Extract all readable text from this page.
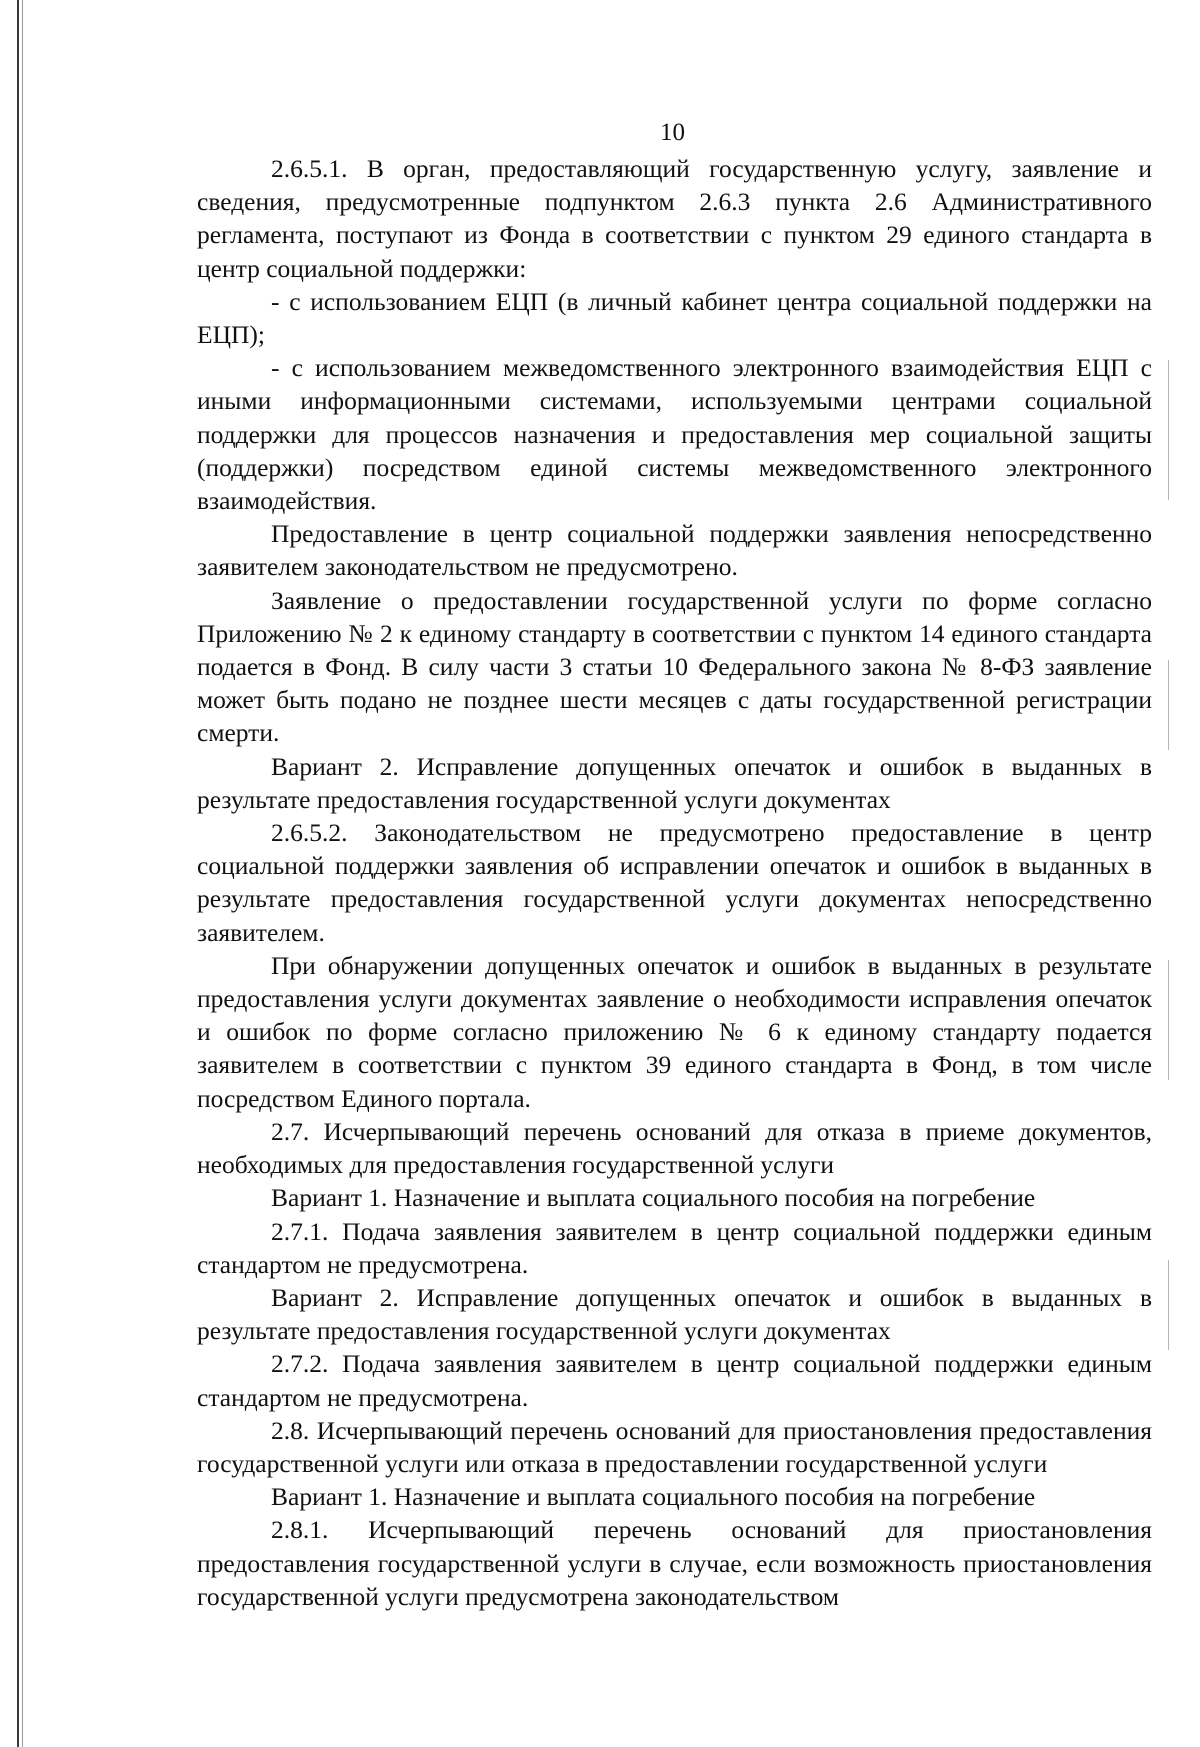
10

2.6.5.1. В орган, предоставляющий государственную услугу, заявление и сведения, предусмотренные подпунктом 2.6.3 пункта 2.6 Административного регламента, поступают из Фонда в соответствии с пунктом 29 единого стандарта в центр социальной поддержки:

- с использованием ЕЦП (в личный кабинет центра социальной поддержки на ЕЦП);

- с использованием межведомственного электронного взаимодействия ЕЦП с иными информационными системами, используемыми центрами социальной поддержки для процессов назначения и предоставления мер социальной защиты (поддержки) посредством единой системы межведомственного электронного взаимодействия.

Предоставление в центр социальной поддержки заявления непосредственно заявителем законодательством не предусмотрено.

Заявление о предоставлении государственной услуги по форме согласно Приложению № 2 к единому стандарту в соответствии с пунктом 14 единого стандарта подается в Фонд. В силу части 3 статьи 10 Федерального закона № 8-ФЗ заявление может быть подано не позднее шести месяцев с даты государственной регистрации смерти.

Вариант 2. Исправление допущенных опечаток и ошибок в выданных в результате предоставления государственной услуги документах

2.6.5.2. Законодательством не предусмотрено предоставление в центр социальной поддержки заявления об исправлении опечаток и ошибок в выданных в результате предоставления государственной услуги документах непосредственно заявителем.

При обнаружении допущенных опечаток и ошибок в выданных в результате предоставления услуги документах заявление о необходимости исправления опечаток и ошибок по форме согласно приложению № 6 к единому стандарту подается заявителем в соответствии с пунктом 39 единого стандарта в Фонд, в том числе посредством Единого портала.

2.7. Исчерпывающий перечень оснований для отказа в приеме документов, необходимых для предоставления государственной услуги

Вариант 1. Назначение и выплата социального пособия на погребение

2.7.1. Подача заявления заявителем в центр социальной поддержки единым стандартом не предусмотрена.

Вариант 2. Исправление допущенных опечаток и ошибок в выданных в результате предоставления государственной услуги документах

2.7.2. Подача заявления заявителем в центр социальной поддержки единым стандартом не предусмотрена.

2.8. Исчерпывающий перечень оснований для приостановления предоставления государственной услуги или отказа в предоставлении государственной услуги

Вариант 1. Назначение и выплата социального пособия на погребение

2.8.1. Исчерпывающий перечень оснований для приостановления предоставления государственной услуги в случае, если возможность приостановления государственной услуги предусмотрена законодательством
